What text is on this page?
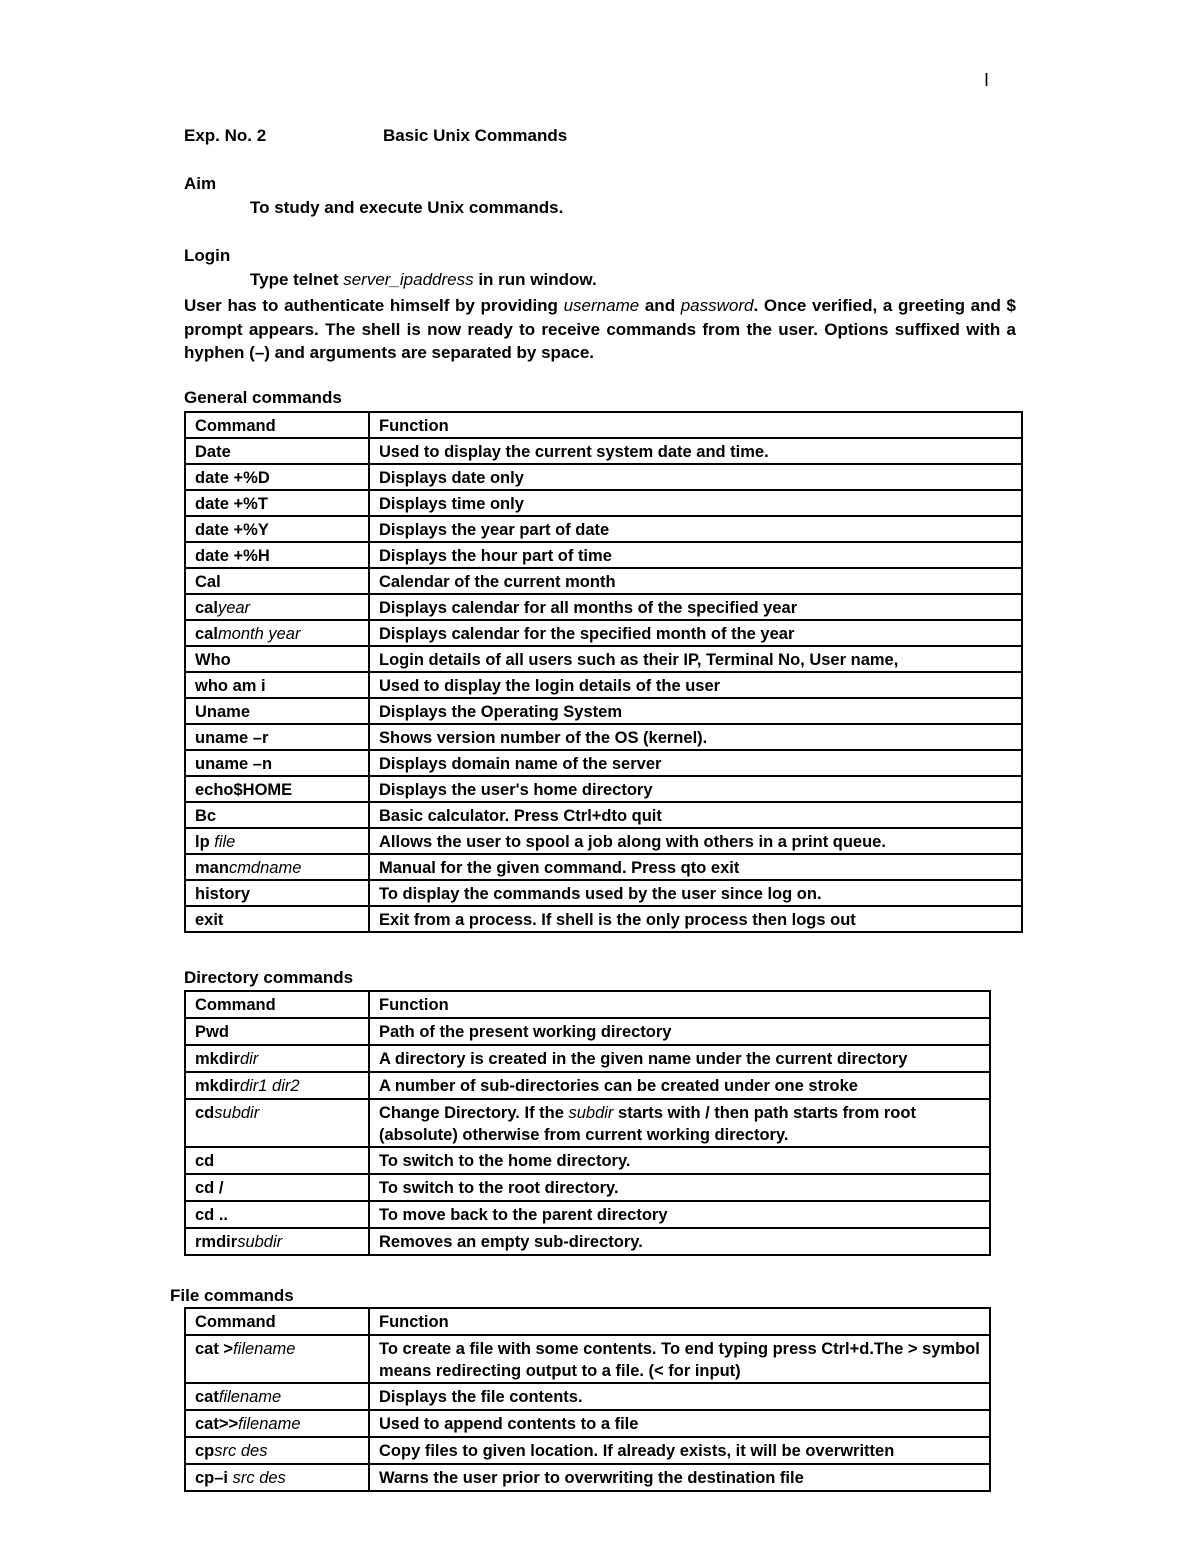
I
Exp. No. 2	Basic Unix Commands
Aim
To study and execute Unix commands.
Login
Type telnet server_ipaddress in run window.
User has to authenticate himself by providing username and password. Once verified, a greeting and $ prompt appears. The shell is now ready to receive commands from the user. Options suffixed with a hyphen (–) and arguments are separated by space.
General commands
Command	Function
Date	Used to display the current system date and time.
date +%D	Displays date only
date +%T	Displays time only
date +%Y	Displays the year part of date
date +%H	Displays the hour part of time
Cal	Calendar of the current month
calyear	Displays calendar for all months of the specified year
calmonth year	Displays calendar for the specified month of the year
Who	Login details of all users such as their IP, Terminal No, User name,
who am i	Used to display the login details of the user
Uname	Displays the Operating System
uname –r	Shows version number of the OS (kernel).
uname –n	Displays domain name of the server
echo$HOME	Displays the user's home directory
Bc	Basic calculator. Press Ctrl+dto quit
lp file	Allows the user to spool a job along with others in a print queue.
mancmdname	Manual for the given command. Press qto exit
history	To display the commands used by the user since log on.
exit	Exit from a process. If shell is the only process then logs out
Directory commands
Command	Function
Pwd	Path of the present working directory
mkdirdir	A directory is created in the given name under the current directory
mkdirdir1 dir2	A number of sub-directories can be created under one stroke
cdsubdir	Change Directory. If the subdir starts with / then path starts from root (absolute) otherwise from current working directory.
cd	To switch to the home directory.
cd /	To switch to the root directory.
cd ..	To move back to the parent directory
rmdirsubdir	Removes an empty sub-directory.
File commands
Command	Function
cat >filename	To create a file with some contents. To end typing press Ctrl+d.The > symbol means redirecting output to a file. (< for input)
catfilename	Displays the file contents.
cat>>filename	Used to append contents to a file
cpsrc des	Copy files to given location. If already exists, it will be overwritten
cp–i src des	Warns the user prior to overwriting the destination file
